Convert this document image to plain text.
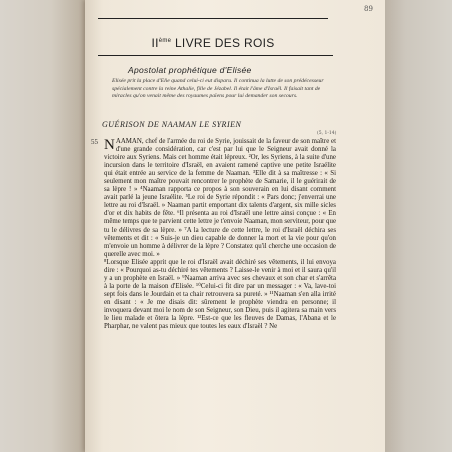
89
IIème LIVRE DES ROIS
Apostolat prophétique d'Elisée
Elisée prit la place d'Elie quand celui-ci eut disparu. Il continua la lutte de son prédécesseur spécialement contre la reine Athalie, fille de Jézabel. Il était l'âme d'Israël. Il faisait tant de miracles qu'on venait même des royaumes païens pour lui demander son secours.
GUÉRISON DE NAAMAN LE SYRIEN
(5, 1-14)
55 NAAMAN, chef de l'armée du roi de Syrie, jouissait de la faveur de son maître et d'une grande considération, car c'est par lui que le Seigneur avait donné la victoire aux Syriens. Mais cet homme était lépreux. ²Or, les Syriens, à la suite d'une incursion dans le territoire d'Israël, en avaient ramené captive une petite Israélite qui était entrée au service de la femme de Naaman. ³Elle dit à sa maîtresse : « Si seulement mon maître pouvait rencontrer le prophète de Samarie, il le guérirait de sa lèpre ! » ⁴Naaman rapporta ce propos à son souverain en lui disant comment avait parlé la jeune Israélite. ⁵Le roi de Syrie répondit : « Pars donc; j'enverrai une lettre au roi d'Israël. » Naaman partit emportant dix talents d'argent, six mille sicles d'or et dix habits de fête. ⁶Il présenta au roi d'Israël une lettre ainsi conçue : « En même temps que te parvient cette lettre je t'envoie Naaman, mon serviteur, pour que tu le délivres de sa lèpre. » ⁷A la lecture de cette lettre, le roi d'Israël déchira ses vêtements et dit : « Suis-je un dieu capable de donner la mort et la vie pour qu'on m'envoie un homme à délivrer de la lèpre ? Constatez qu'il cherche une occasion de querelle avec moi. »

⁸Lorsque Elisée apprit que le roi d'Israël avait déchiré ses vêtements, il lui envoya dire : « Pourquoi as-tu déchiré tes vêtements ? Laisse-le venir à moi et il saura qu'il y a un prophète en Israël. » ⁹Naaman arriva avec ses chevaux et son char et s'arrêta à la porte de la maison d'Elisée. ¹⁰Celui-ci fit dire par un messager : « Va, lave-toi sept fois dans le Jourdain et ta chair retrouvera sa pureté. » ¹¹Naaman s'en alla irrité en disant : « Je me disais dit: sûrement le prophète viendra en personne; il invoquera devant moi le nom de son Seigneur, son Dieu, puis il agitera sa main vers le lieu malade et ôtera la lèpre. ¹²Est-ce que les fleuves de Damas, l'Abana et le Pharphar, ne valent pas mieux que toutes les eaux d'Israël ? Ne
